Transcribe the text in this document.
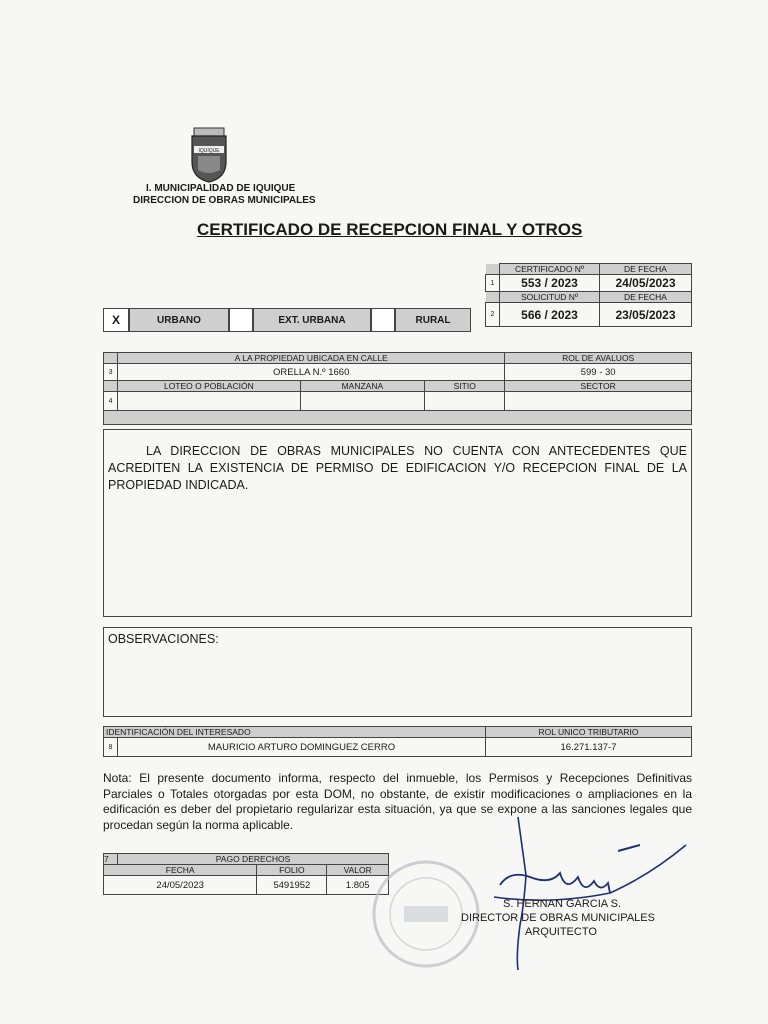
IQUIQUE
I. MUNICIPALIDAD DE IQUIQUE
DIRECCION DE OBRAS MUNICIPALES
CERTIFICADO DE RECEPCION FINAL Y OTROS
	CERTIFICADO Nº	DE FECHA
1	553 / 2023	24/05/2023
	SOLICITUD Nº	DE FECHA
2	566 / 2023	23/05/2023
X	URBANO	EXT. URBANA	RURAL
	A LA PROPIEDAD UBICADA EN CALLE			ROL DE AVALUOS
3	ORELLA N.º 1660			599 - 30
	LOTEO O POBLACIÓN	MANZANA	SITIO	SECTOR
4				

LA DIRECCION DE OBRAS MUNICIPALES NO CUENTA CON ANTECEDENTES QUE ACREDITEN LA EXISTENCIA DE PERMISO DE EDIFICACION Y/O RECEPCION FINAL DE LA PROPIEDAD INDICADA.
OBSERVACIONES:
IDENTIFICACIÓN DEL INTERESADO		ROL UNICO TRIBUTARIO
8	MAURICIO ARTURO DOMINGUEZ CERRO	16.271.137-7
Nota: El presente documento informa, respecto del inmueble, los Permisos y Recepciones Definitivas Parciales o Totales otorgadas por esta DOM, no obstante, de existir modificaciones o ampliaciones en la edificación es deber del propietario regularizar esta situación, ya que se expone a las sanciones legales que procedan según la norma aplicable.
7	PAGO DERECHOS		
FECHA		FOLIO	VALOR
24/05/2023		5491952	1.805
S. HERNAN GARCIA S.
DIRECTOR DE OBRAS MUNICIPALES
ARQUITECTO
